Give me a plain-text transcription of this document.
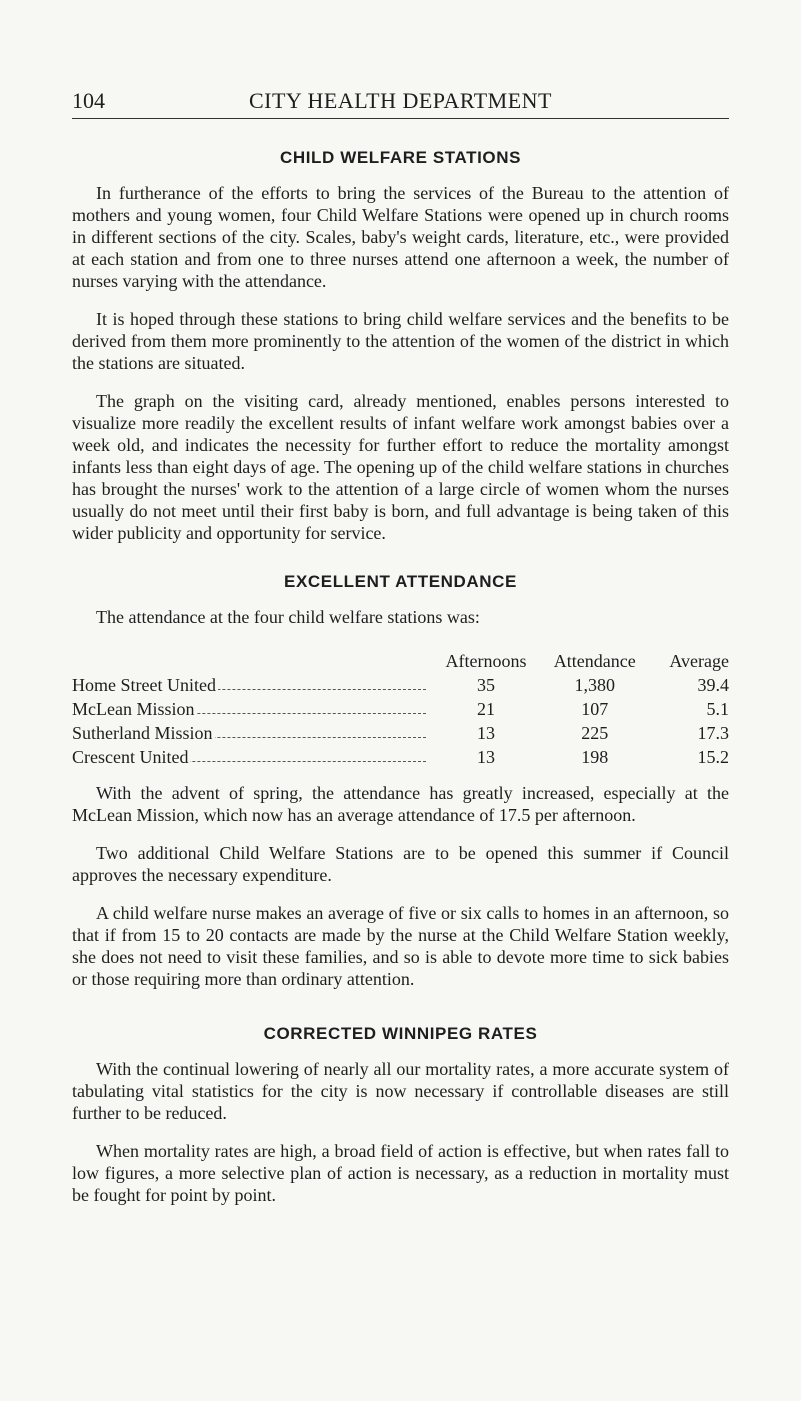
104	CITY HEALTH DEPARTMENT
CHILD WELFARE STATIONS

In furtherance of the efforts to bring the services of the Bureau to the attention of mothers and young women, four Child Welfare Stations were opened up in church rooms in different sections of the city. Scales, baby's weight cards, literature, etc., were provided at each station and from one to three nurses attend one afternoon a week, the number of nurses varying with the attendance.

It is hoped through these stations to bring child welfare services and the benefits to be derived from them more prominently to the attention of the women of the district in which the stations are situated.

The graph on the visiting card, already mentioned, enables persons interested to visualize more readily the excellent results of infant welfare work amongst babies over a week old, and indicates the necessity for further effort to reduce the mortality amongst infants less than eight days of age. The opening up of the child welfare stations in churches has brought the nurses' work to the attention of a large circle of women whom the nurses usually do not meet until their first baby is born, and full advantage is being taken of this wider publicity and opportunity for service.

EXCELLENT ATTENDANCE

The attendance at the four child welfare stations was:

	Afternoons	Attendance	Average

Home Street United	35	1,380	39.4

McLean Mission	21	107	5.1

Sutherland Mission	13	225	17.3

Crescent United	13	198	15.2

With the advent of spring, the attendance has greatly increased, especially at the McLean Mission, which now has an average attendance of 17.5 per afternoon.

Two additional Child Welfare Stations are to be opened this summer if Council approves the necessary expenditure.

A child welfare nurse makes an average of five or six calls to homes in an afternoon, so that if from 15 to 20 contacts are made by the nurse at the Child Welfare Station weekly, she does not need to visit these families, and so is able to devote more time to sick babies or those requiring more than ordinary attention.

CORRECTED WINNIPEG RATES

With the continual lowering of nearly all our mortality rates, a more accurate system of tabulating vital statistics for the city is now necessary if controllable diseases are still further to be reduced.

When mortality rates are high, a broad field of action is effective, but when rates fall to low figures, a more selective plan of action is necessary, as a reduction in mortality must be fought for point by point.
